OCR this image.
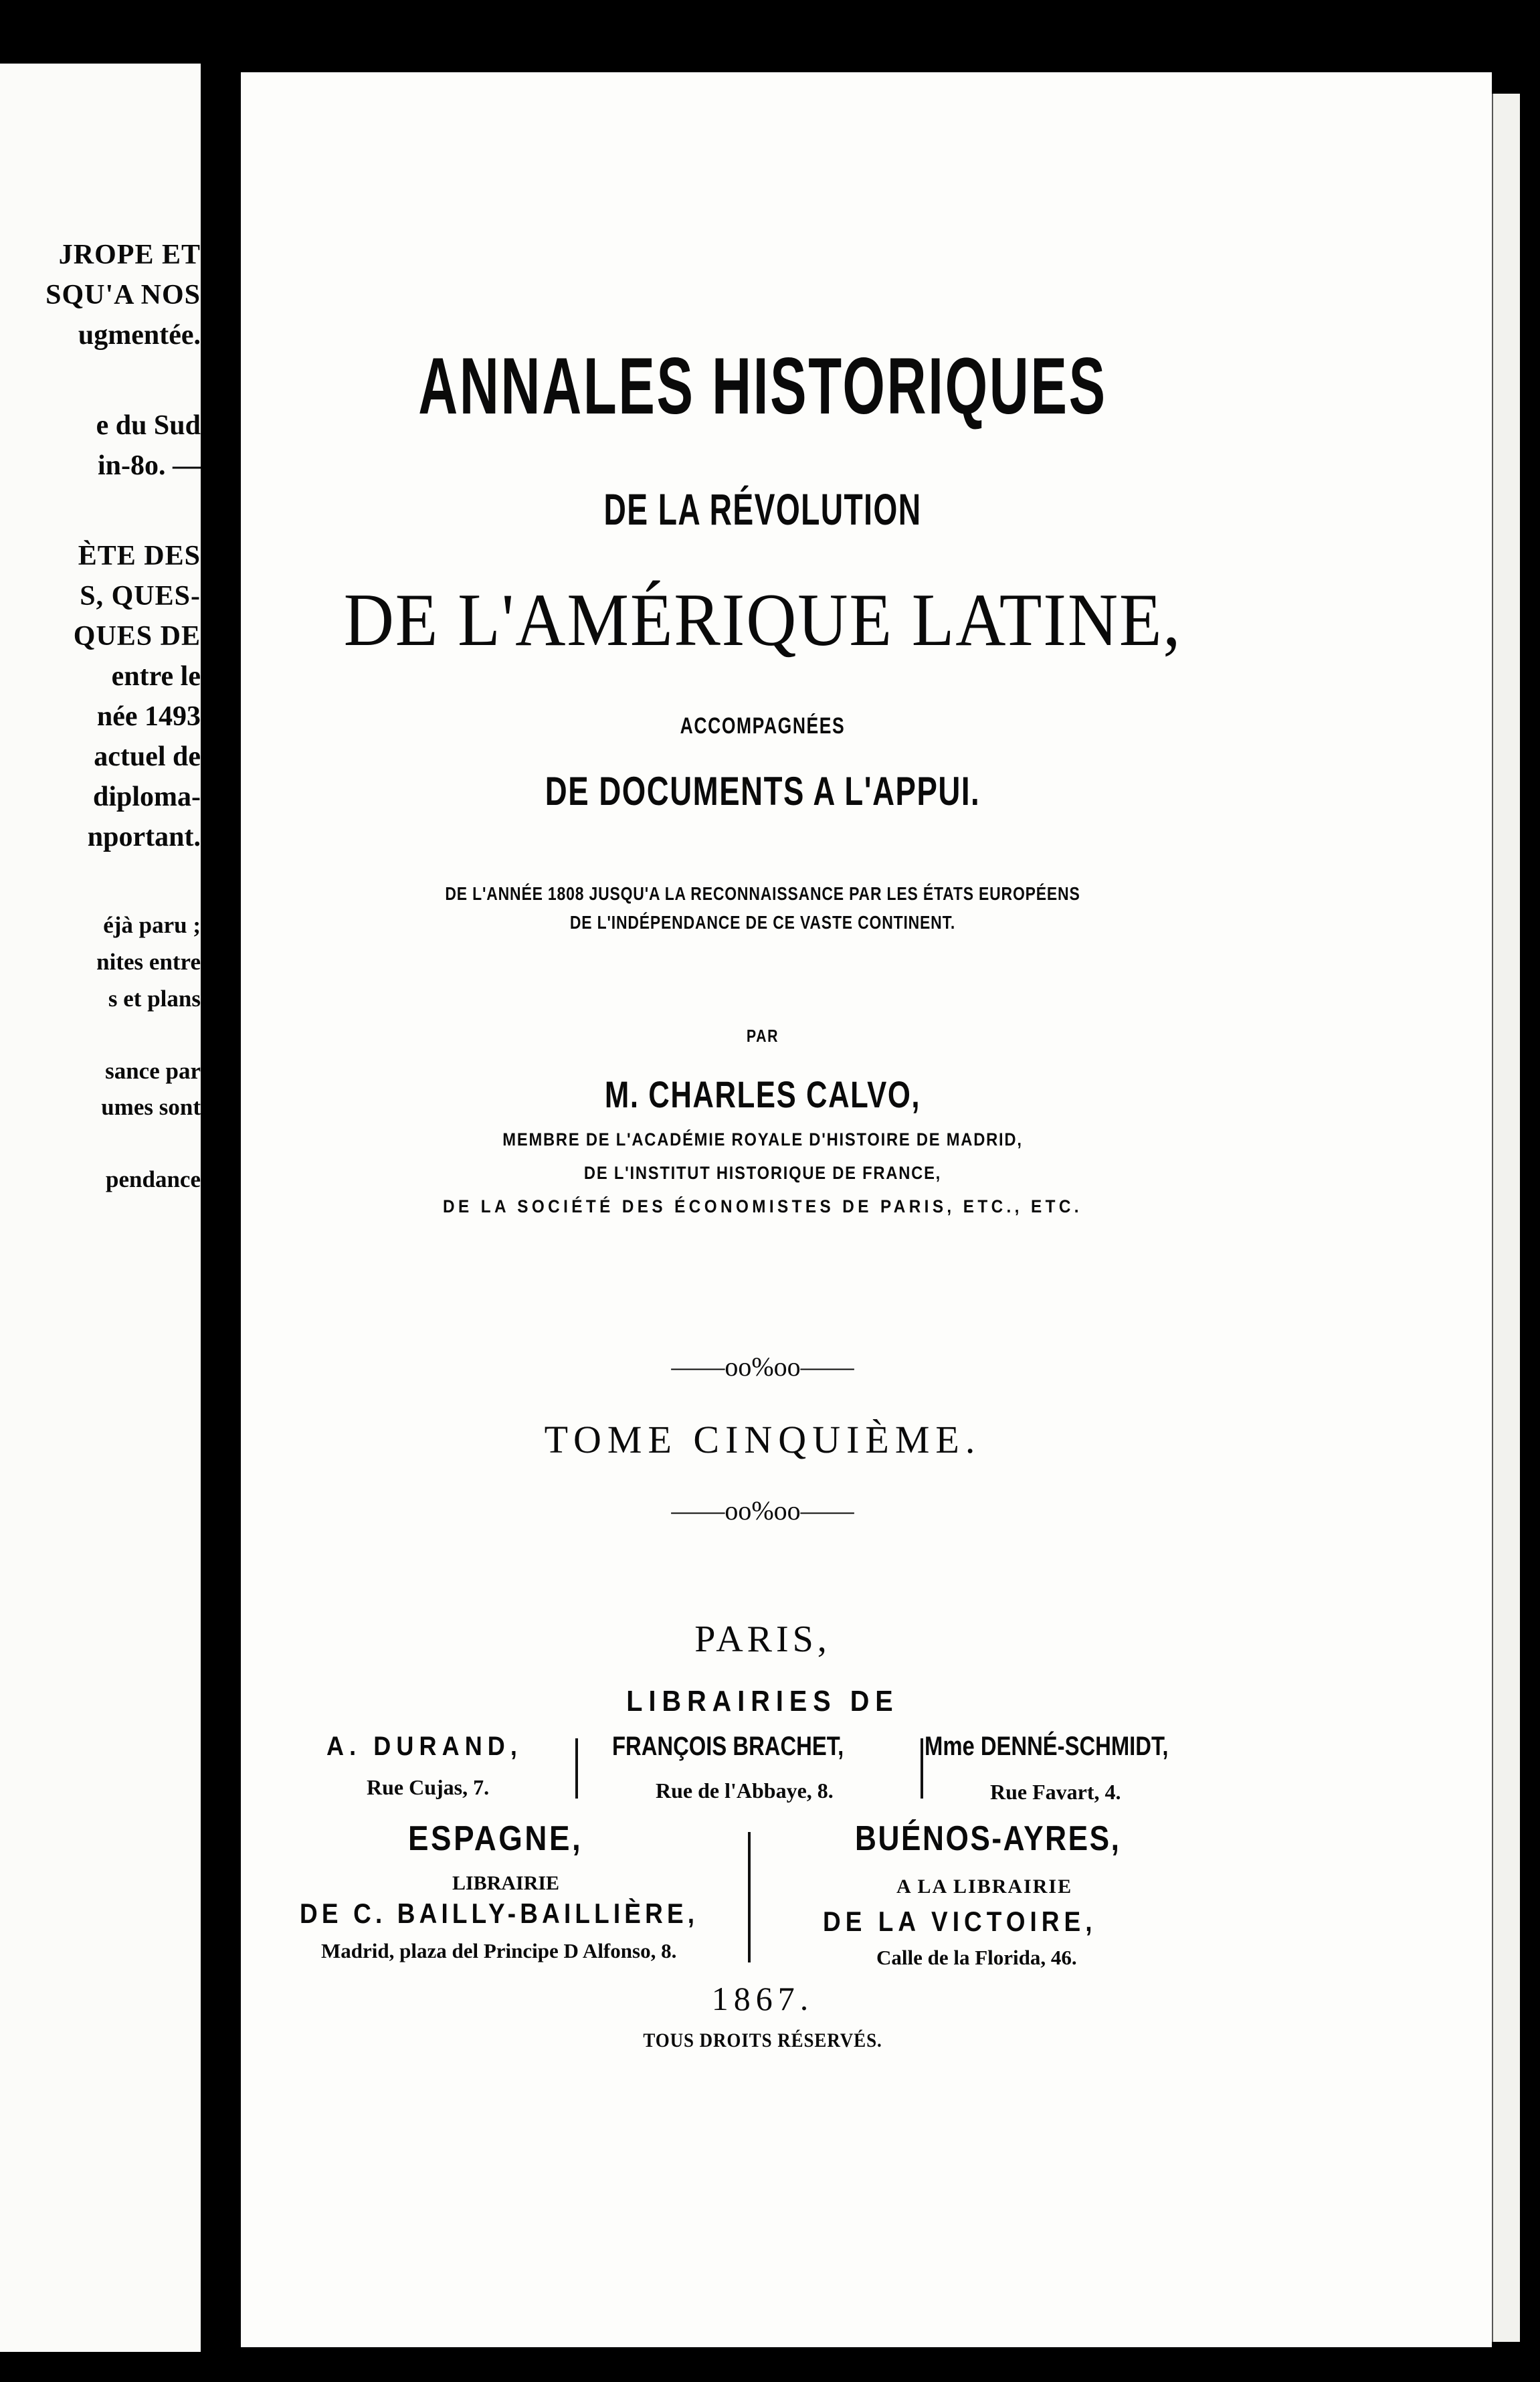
JROPE ET
SQU'A NOS
ugmentée.
e du Sud
in-8o. —
ÈTE DES
S, QUES-
QUES DE
entre le
née 1493
actuel de
diploma-
nportant.
éjà paru ;
nites entre
s et plans
sance par
umes sont
pendance
ANNALES HISTORIQUES
DE LA RÉVOLUTION
DE L'AMÉRIQUE LATINE,
ACCOMPAGNÉES
DE DOCUMENTS A L'APPUI.
DE L'ANNÉE 1808 JUSQU'A LA RECONNAISSANCE PAR LES ÉTATS EUROPÉENS
DE L'INDÉPENDANCE DE CE VASTE CONTINENT.
PAR
M. CHARLES CALVO,
MEMBRE DE L'ACADÉMIE ROYALE D'HISTOIRE DE MADRID,
DE L'INSTITUT HISTORIQUE DE FRANCE,
DE LA SOCIÉTÉ DES ÉCONOMISTES DE PARIS, ETC., ETC.
——oo%oo——
TOME CINQUIÈME.
——oo%oo——
PARIS,
LIBRAIRIES DE
A. DURAND,
Rue Cujas, 7.
FRANÇOIS BRACHET,
Rue de l'Abbaye, 8.
Mme DENNÉ-SCHMIDT,
Rue Favart, 4.
ESPAGNE,
LIBRAIRIE
DE C. BAILLY-BAILLIÈRE,
Madrid, plaza del Principe D Alfonso, 8.
BUÉNOS-AYRES,
A LA LIBRAIRIE
DE LA VICTOIRE,
Calle de la Florida, 46.
1867.
TOUS DROITS RÉSERVÉS.
